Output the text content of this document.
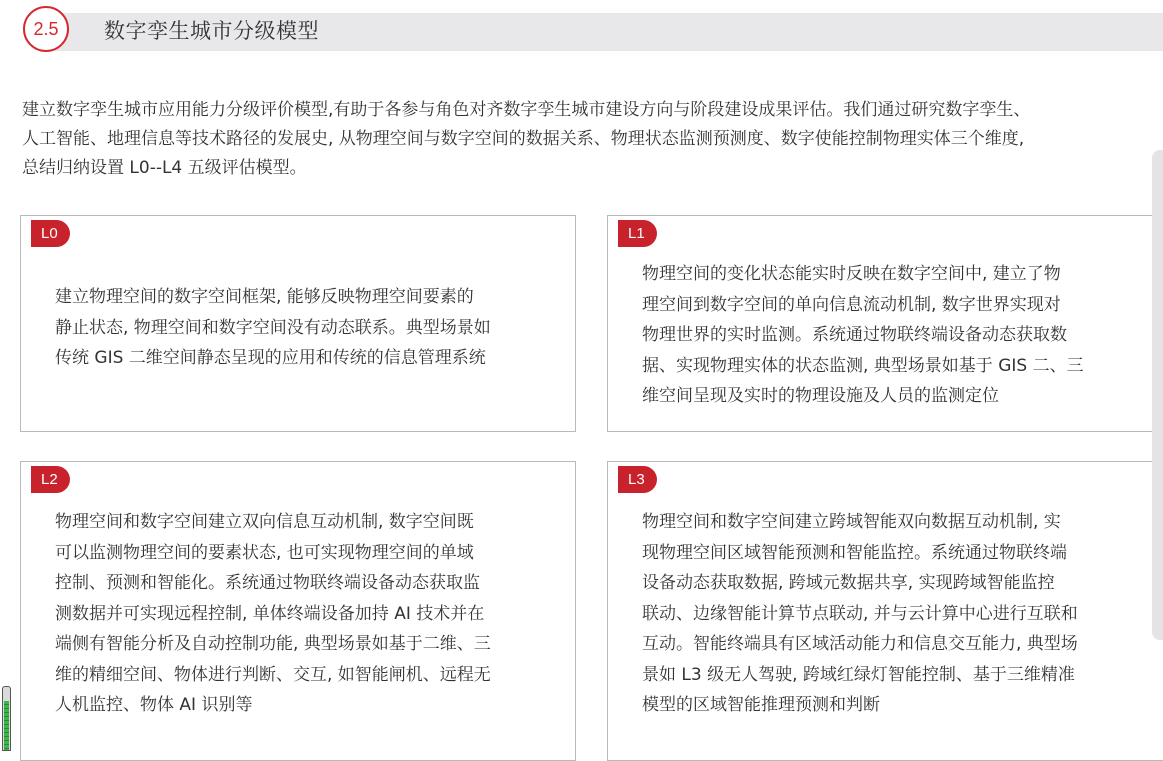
2.5 数字孪生城市分级模型
建立数字孪生城市应用能力分级评价模型,有助于各参与角色对齐数字孪生城市建设方向与阶段建设成果评估。我们通过研究数字孪生、
人工智能、地理信息等技术路径的发展史, 从物理空间与数字空间的数据关系、物理状态监测预测度、数字使能控制物理实体三个维度,
总结归纳设置 L0--L4 五级评估模型。
L0
建立物理空间的数字空间框架, 能够反映物理空间要素的
静止状态, 物理空间和数字空间没有动态联系。典型场景如
传统 GIS 二维空间静态呈现的应用和传统的信息管理系统
L1
物理空间的变化状态能实时反映在数字空间中, 建立了物
理空间到数字空间的单向信息流动机制, 数字世界实现对
物理世界的实时监测。系统通过物联终端设备动态获取数
据、实现物理实体的状态监测, 典型场景如基于 GIS 二、三
维空间呈现及实时的物理设施及人员的监测定位
L2
物理空间和数字空间建立双向信息互动机制, 数字空间既
可以监测物理空间的要素状态, 也可实现物理空间的单域
控制、预测和智能化。系统通过物联终端设备动态获取监
测数据并可实现远程控制, 单体终端设备加持 AI 技术并在
端侧有智能分析及自动控制功能, 典型场景如基于二维、三
维的精细空间、物体进行判断、交互, 如智能闸机、远程无
人机监控、物体 AI 识别等
L3
物理空间和数字空间建立跨域智能双向数据互动机制, 实
现物理空间区域智能预测和智能监控。系统通过物联终端
设备动态获取数据, 跨域元数据共享, 实现跨域智能监控
联动、边缘智能计算节点联动, 并与云计算中心进行互联和
互动。智能终端具有区域活动能力和信息交互能力, 典型场
景如 L3 级无人驾驶, 跨域红绿灯智能控制、基于三维精准
模型的区域智能推理预测和判断
